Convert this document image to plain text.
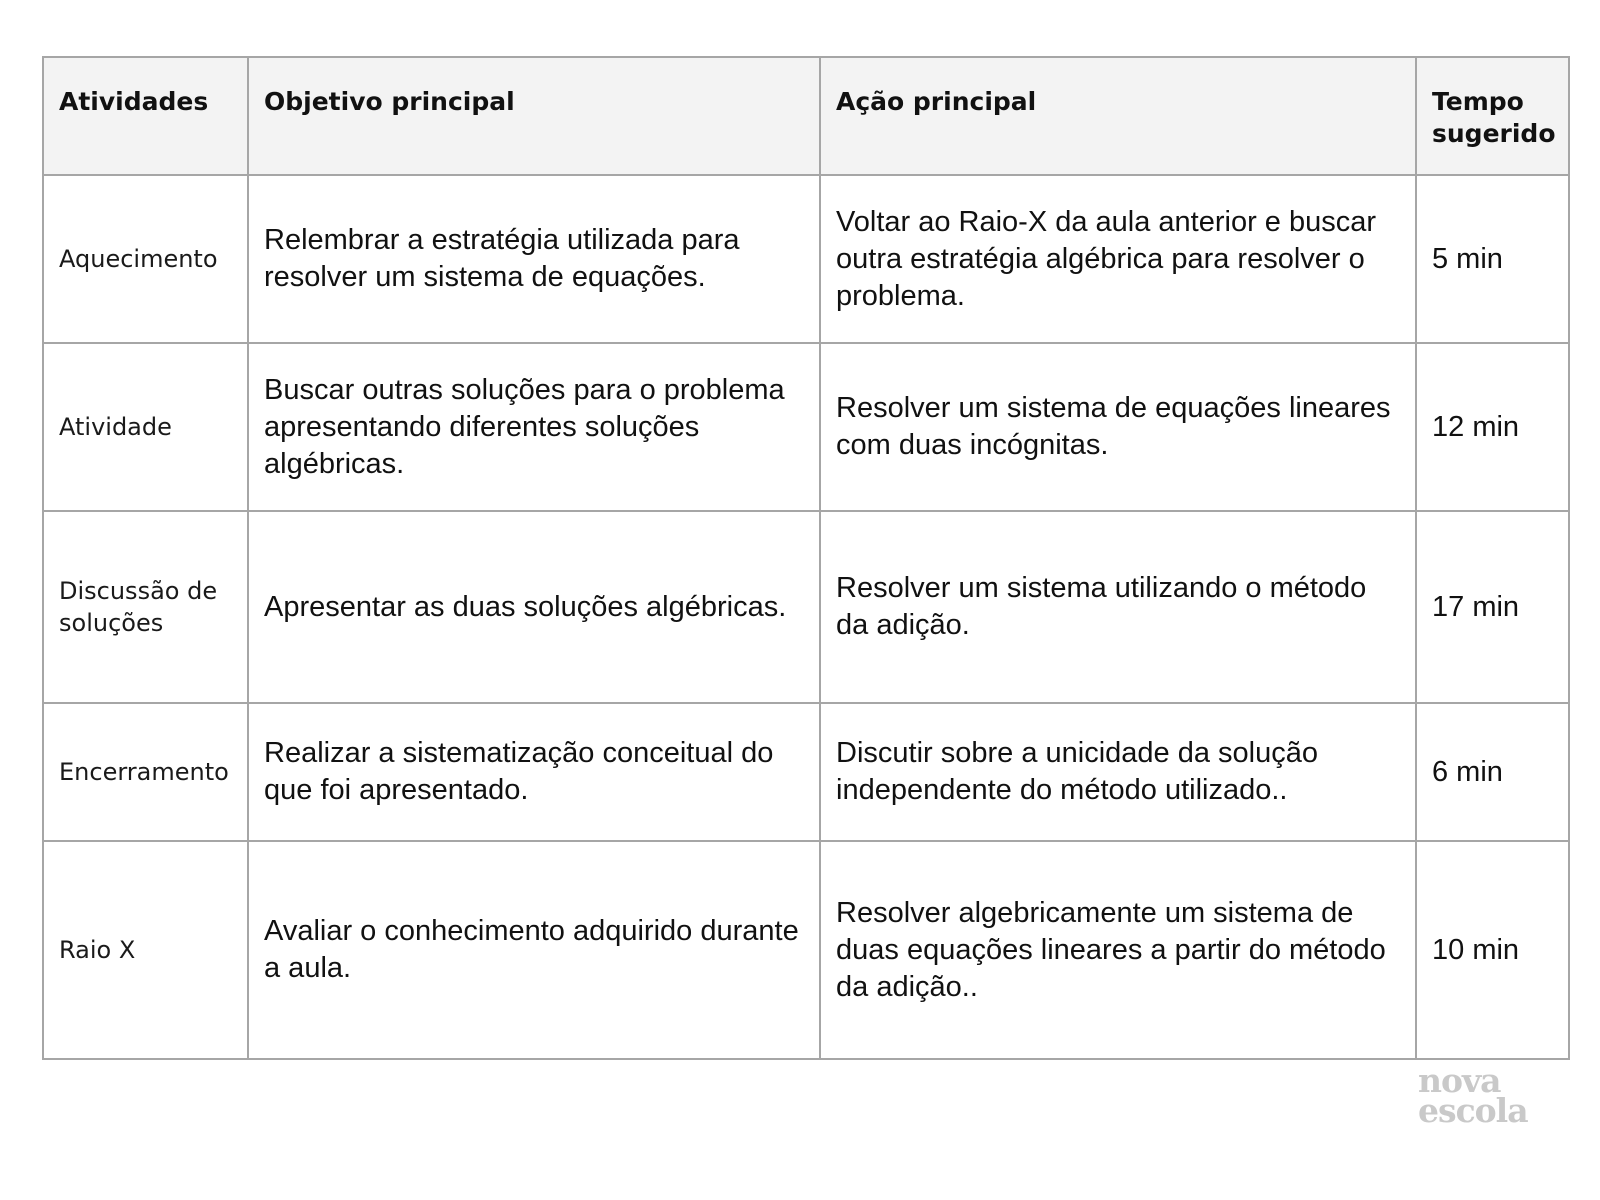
Atividades	Objetivo principal	Ação principal	Tempo sugerido
Aquecimento	Relembrar a estratégia utilizada para resolver um sistema de equações.	Voltar ao Raio-X da aula anterior e buscar outra estratégia algébrica para resolver o problema.	5 min
Atividade	Buscar outras soluções para o problema apresentando diferentes soluções algébricas.	Resolver um sistema de equações lineares com duas incógnitas.	12 min
Discussão de soluções	Apresentar as duas soluções algébricas.	Resolver um sistema utilizando o método da adição.	17 min
Encerramento	Realizar a sistematização conceitual do que foi apresentado.	Discutir sobre a unicidade da solução independente do método utilizado..	6 min
Raio X	Avaliar o conhecimento adquirido durante a aula.	Resolver algebricamente um sistema de duas equações lineares a partir do método da adição..	10 min
nova
escola
